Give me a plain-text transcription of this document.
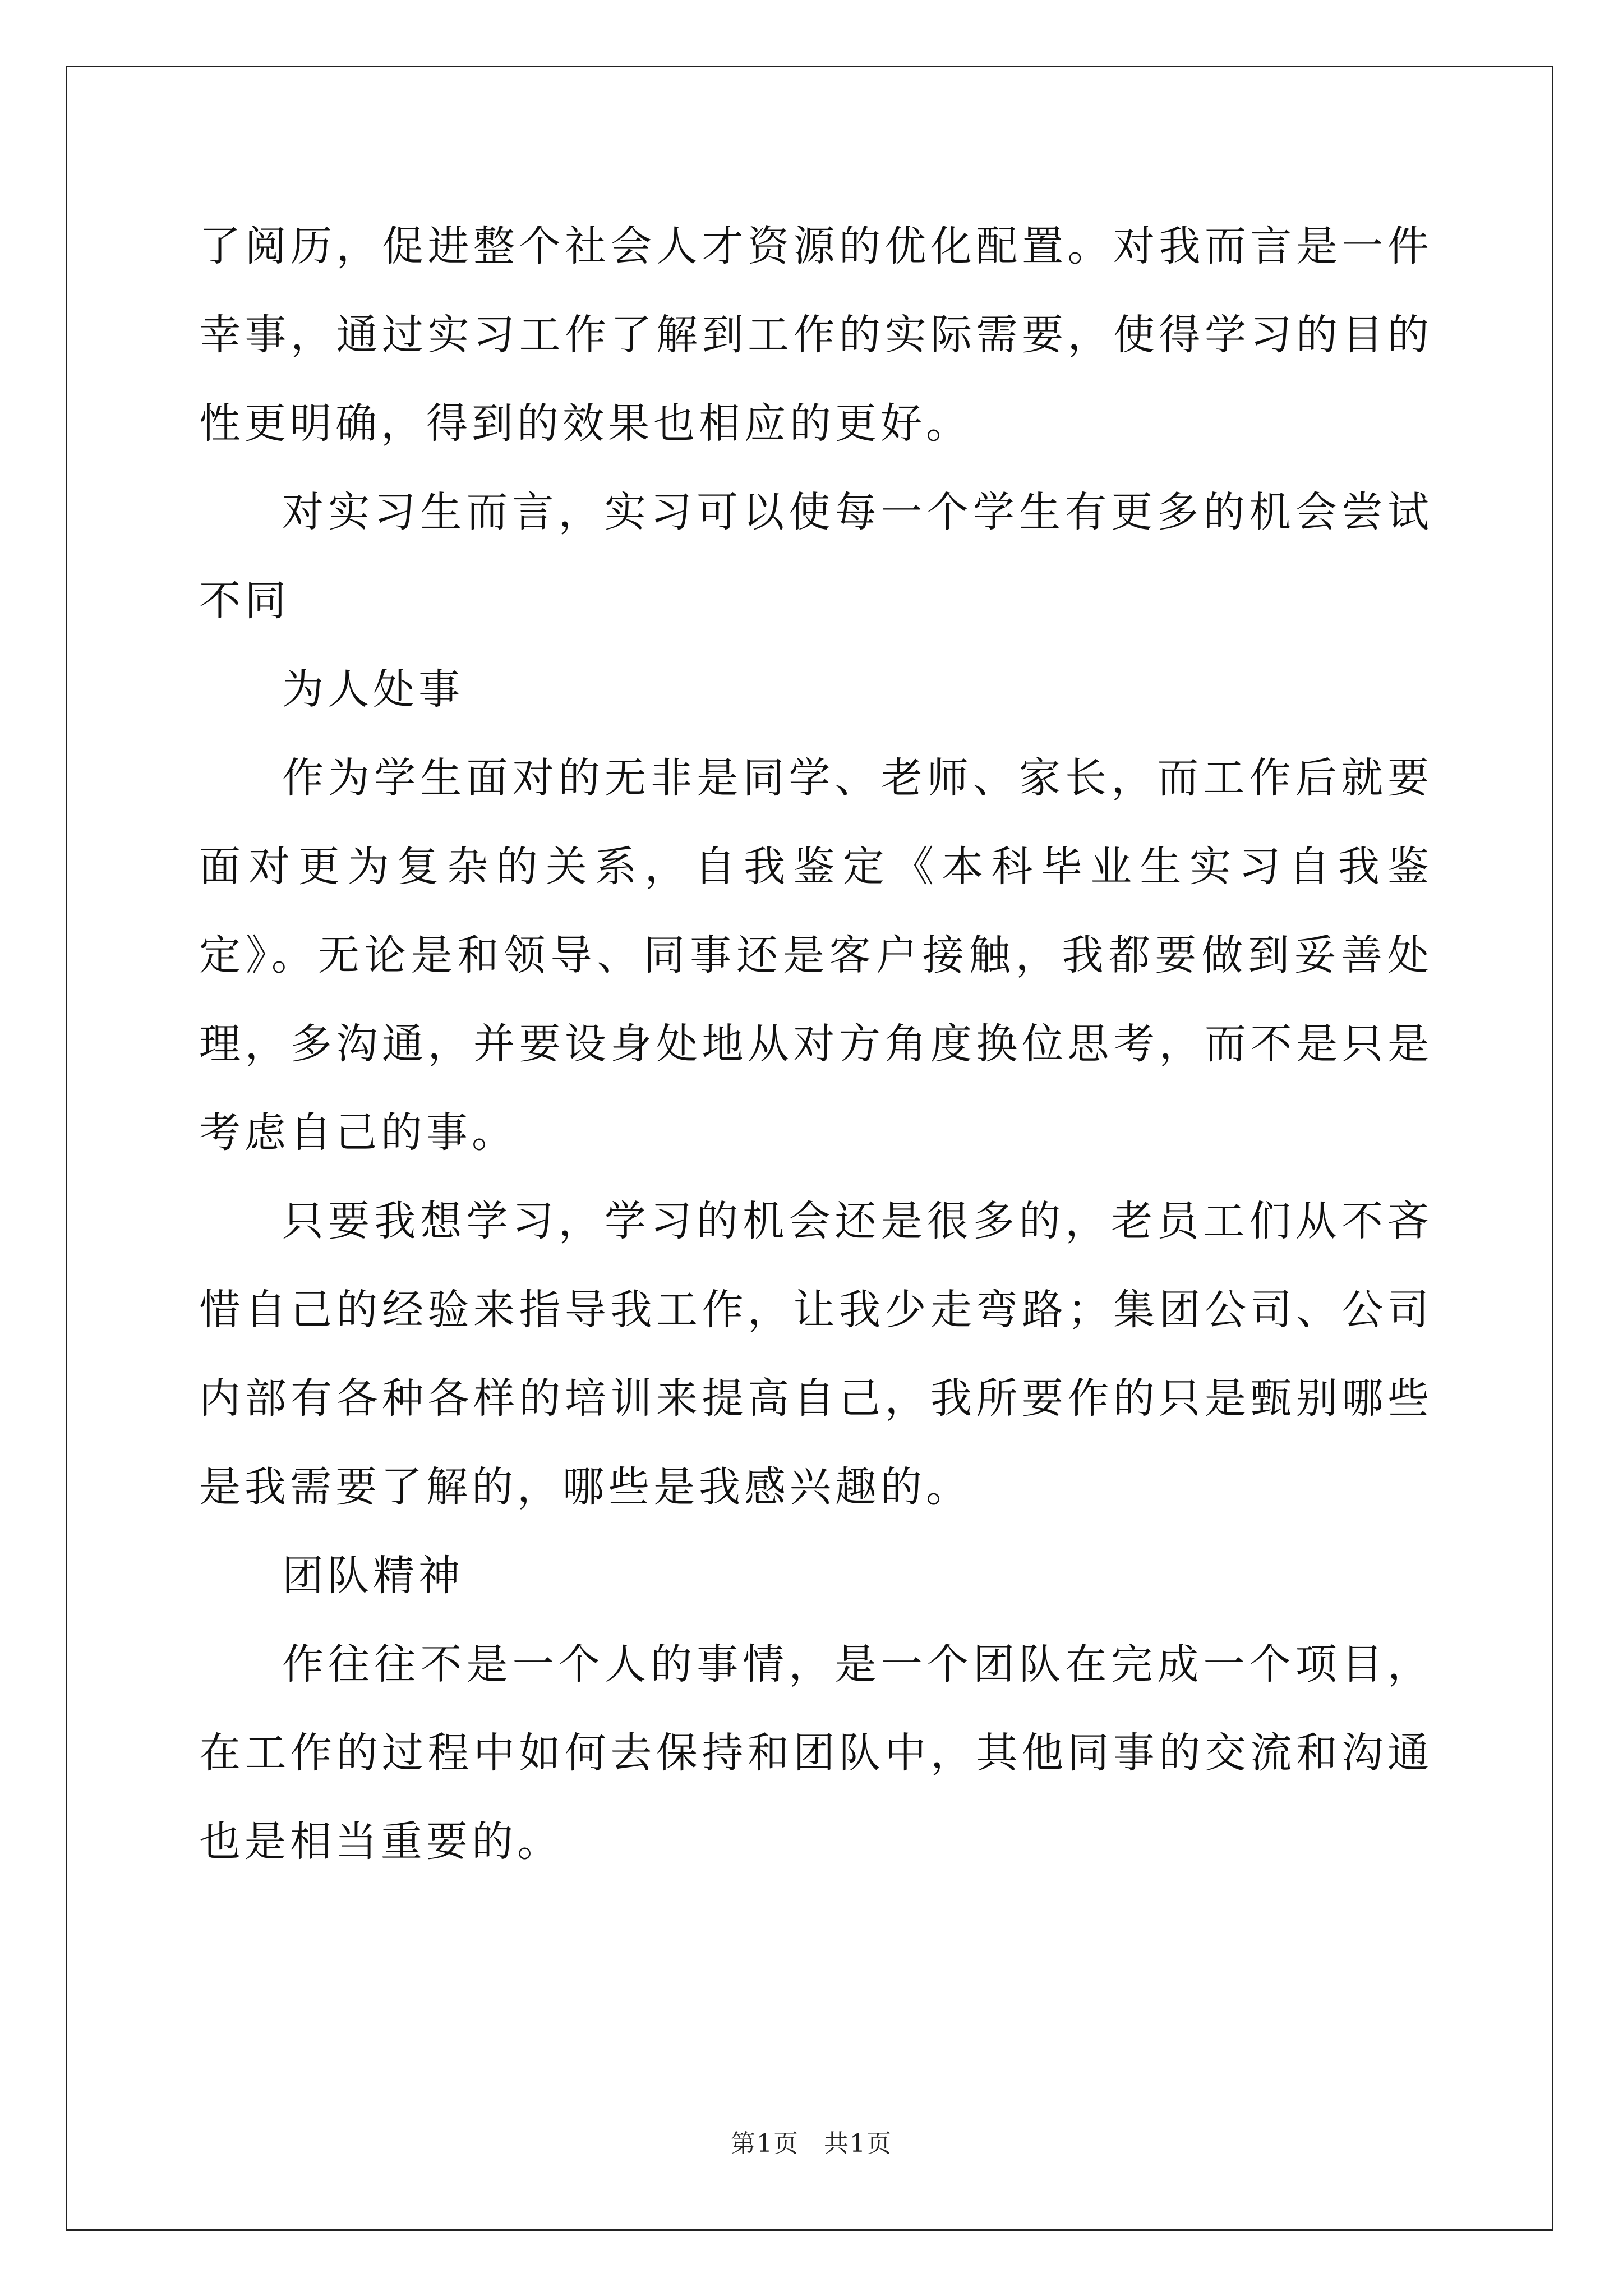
了阅历，促进整个社会人才资源的优化配置。对我而言是一件幸事，通过实习工作了解到工作的实际需要，使得学习的目的性更明确，得到的效果也相应的更好。

对实习生而言，实习可以使每一个学生有更多的机会尝试不同

为人处事

作为学生面对的无非是同学、老师、家长，而工作后就要面对更为复杂的关系，自我鉴定《本科毕业生实习自我鉴定》。无论是和领导、同事还是客户接触，我都要做到妥善处理，多沟通，并要设身处地从对方角度换位思考，而不是只是考虑自己的事。

只要我想学习，学习的机会还是很多的，老员工们从不吝惜自己的经验来指导我工作，让我少走弯路；集团公司、公司内部有各种各样的培训来提高自己，我所要作的只是甄别哪些是我需要了解的，哪些是我感兴趣的。

团队精神

作往往不是一个人的事情，是一个团队在完成一个项目，在工作的过程中如何去保持和团队中，其他同事的交流和沟通也是相当重要的。

第1页 共1页
